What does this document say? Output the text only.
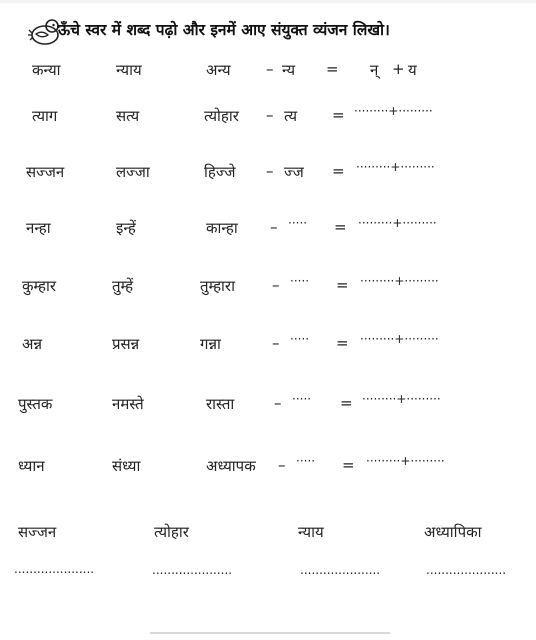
ऊँचे स्वर में शब्द पढ़ो और इनमें आए संयुक्त व्यंजन लिखो।
कन्या	न्याय	अन्य – न्य = न् + य
त्याग	सत्य	त्योहार – त्य = ·········+·········
सज्जन	लज्जा	हिज्जे – ज्ज = ·········+·········
नन्हा	इन्हें	कान्हा – ····· = ·········+·········
कुम्हार	तुम्हें	तुम्हारा – ····· = ·········+·········
अन्न	प्रसन्न	गन्ना	– ····· = ·········+·········
पुस्तक	नमस्ते	रास्ता	– ····· = ·········+·········
ध्यान	संध्या	अध्यापक – ····· = ·········+·········
सज्जन	त्योहार	न्याय	अध्यापिका
.....................	.....................	.....................	.....................
